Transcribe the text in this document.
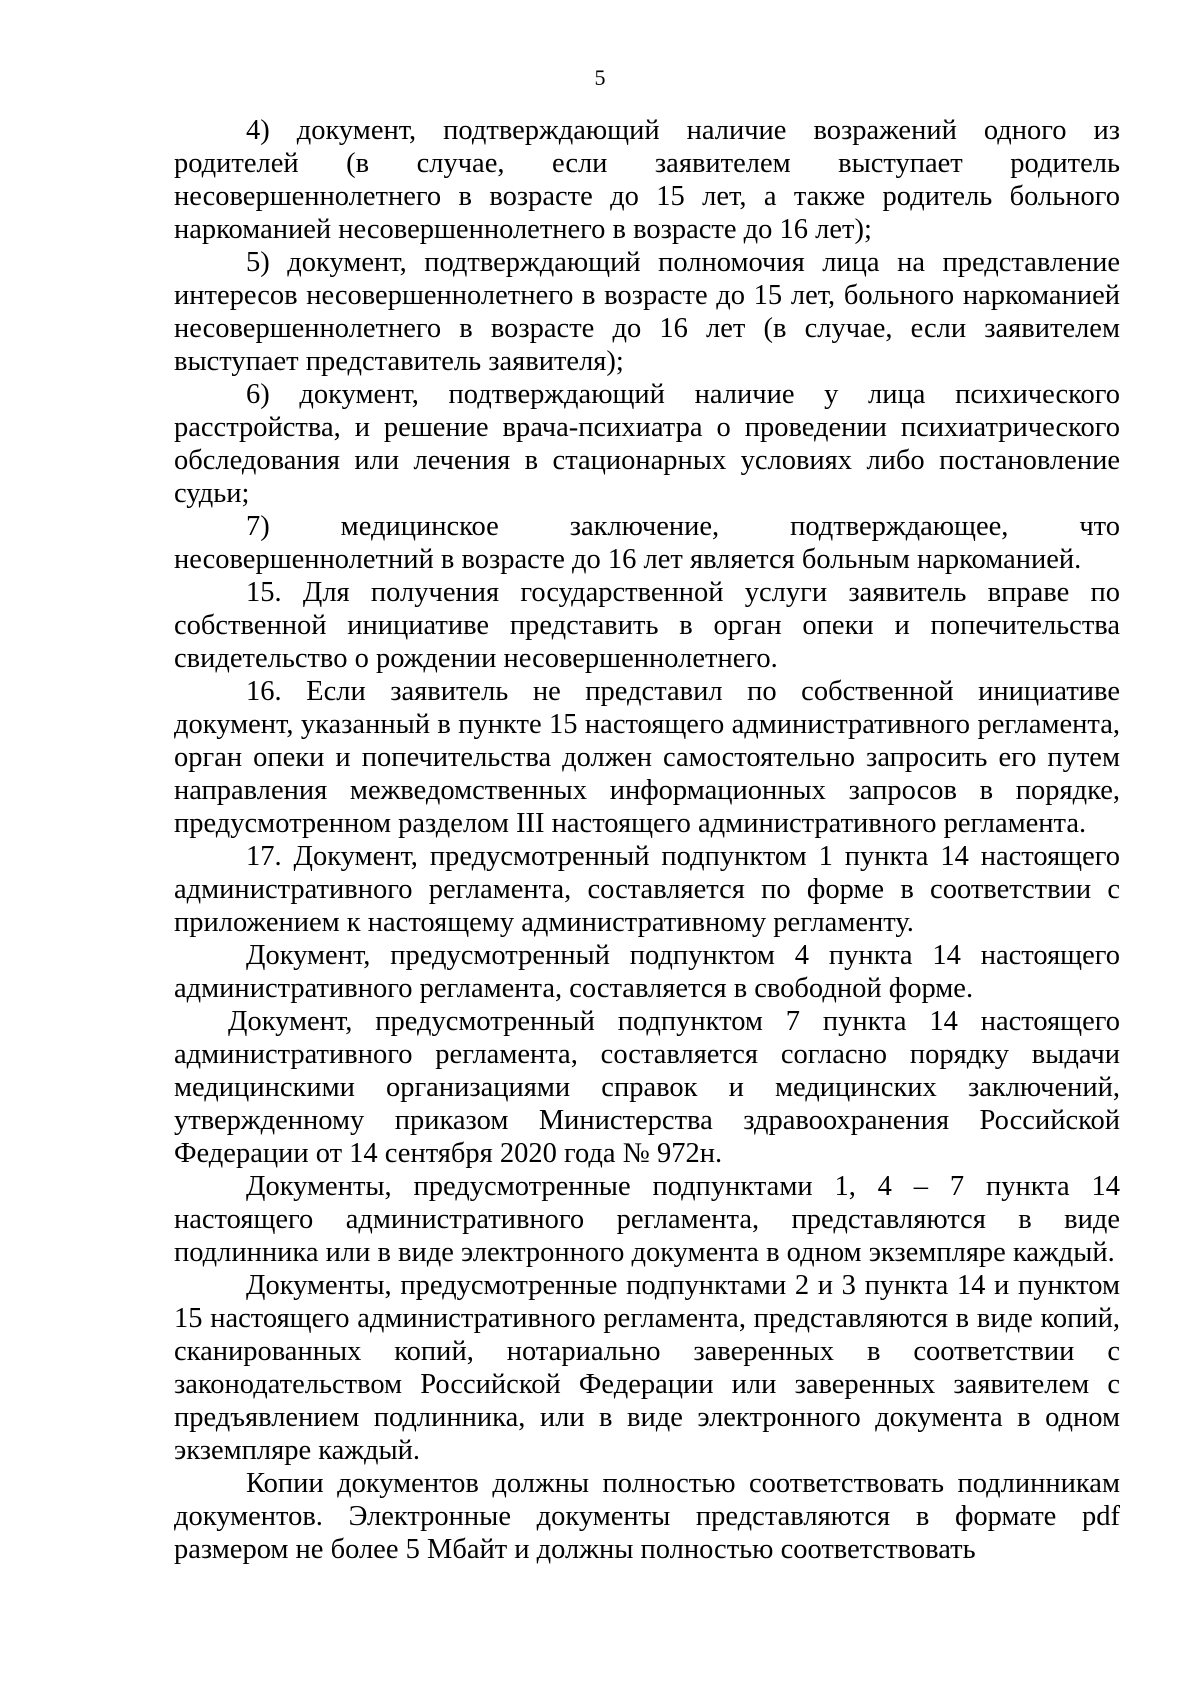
5

4) документ, подтверждающий наличие возражений одного из родителей (в случае, если заявителем выступает родитель несовершеннолетнего в возрасте до 15 лет, а также родитель больного наркоманией несовершеннолетнего в возрасте до 16 лет);

5) документ, подтверждающий полномочия лица на представление интересов несовершеннолетнего в возрасте до 15 лет, больного наркоманией несовершеннолетнего в возрасте до 16 лет (в случае, если заявителем выступает представитель заявителя);

6) документ, подтверждающий наличие у лица психического расстройства, и решение врача-психиатра о проведении психиатрического обследования или лечения в стационарных условиях либо постановление судьи;

7) медицинское заключение, подтверждающее, что несовершеннолетний в возрасте до 16 лет является больным наркоманией.

15. Для получения государственной услуги заявитель вправе по собственной инициативе представить в орган опеки и попечительства свидетельство о рождении несовершеннолетнего.

16. Если заявитель не представил по собственной инициативе документ, указанный в пункте 15 настоящего административного регламента, орган опеки и попечительства должен самостоятельно запросить его путем направления межведомственных информационных запросов в порядке, предусмотренном разделом III настоящего административного регламента.

17. Документ, предусмотренный подпунктом 1 пункта 14 настоящего административного регламента, составляется по форме в соответствии с приложением к настоящему административному регламенту.

Документ, предусмотренный подпунктом 4 пункта 14 настоящего административного регламента, составляется в свободной форме.

Документ, предусмотренный подпунктом 7 пункта 14 настоящего административного регламента, составляется согласно порядку выдачи медицинскими организациями справок и медицинских заключений, утвержденному приказом Министерства здравоохранения Российской Федерации от 14 сентября 2020 года № 972н.

Документы, предусмотренные подпунктами 1, 4 – 7 пункта 14 настоящего административного регламента, представляются в виде подлинника или в виде электронного документа в одном экземпляре каждый.

Документы, предусмотренные подпунктами 2 и 3 пункта 14 и пунктом 15 настоящего административного регламента, представляются в виде копий, сканированных копий, нотариально заверенных в соответствии с законодательством Российской Федерации или заверенных заявителем с предъявлением подлинника, или в виде электронного документа в одном экземпляре каждый.

Копии документов должны полностью соответствовать подлинникам документов. Электронные документы представляются в формате pdf размером не более 5 Мбайт и должны полностью соответствовать
